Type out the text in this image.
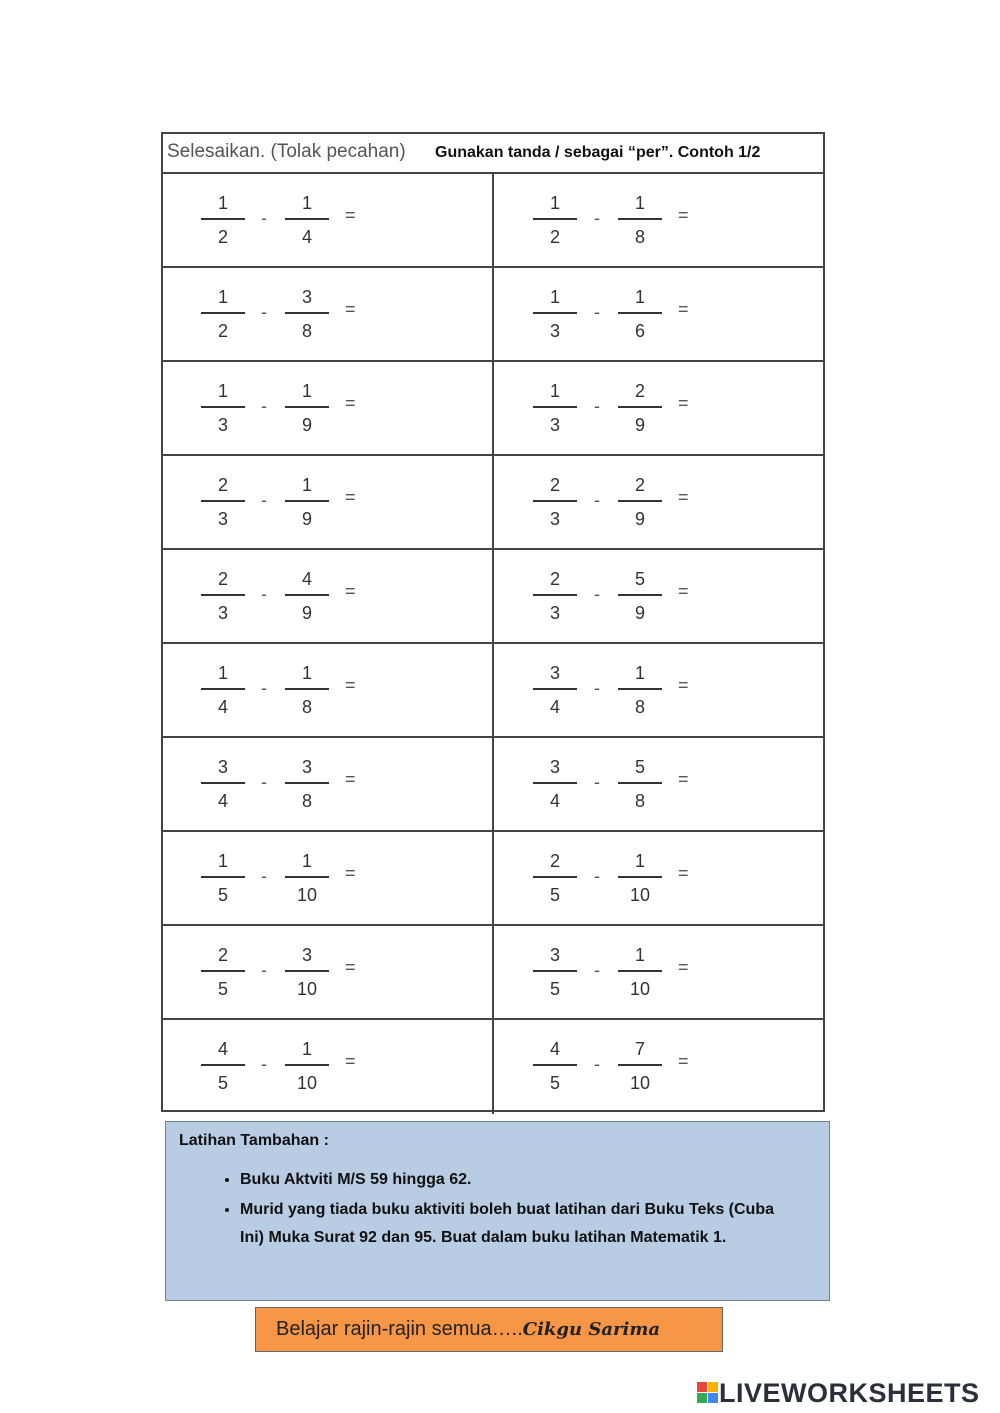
Selesaikan. (Tolak pecahan) Gunakan tanda / sebagai “per”. Contoh 1/2
1
2
-
1
4
=
1
2
-
1
8
=
1
2
-
3
8
=
1
3
-
1
6
=
1
3
-
1
9
=
1
3
-
2
9
=
2
3
-
1
9
=
2
3
-
2
9
=
2
3
-
4
9
=
2
3
-
5
9
=
1
4
-
1
8
=
3
4
-
1
8
=
3
4
-
3
8
=
3
4
-
5
8
=
1
5
-
1
10
=
2
5
-
1
10
=
2
5
-
3
10
=
3
5
-
1
10
=
4
5
-
1
10
=
4
5
-
7
10
=
Latihan Tambahan :
• Buku Aktviti M/S 59 hingga 62.
• Murid yang tiada buku aktiviti boleh buat latihan dari Buku Teks (Cuba Ini) Muka Surat 92 dan 95. Buat dalam buku latihan Matematik 1.
Belajar rajin-rajin semua…..Cikgu Sarima
LIVEWORKSHEETS
